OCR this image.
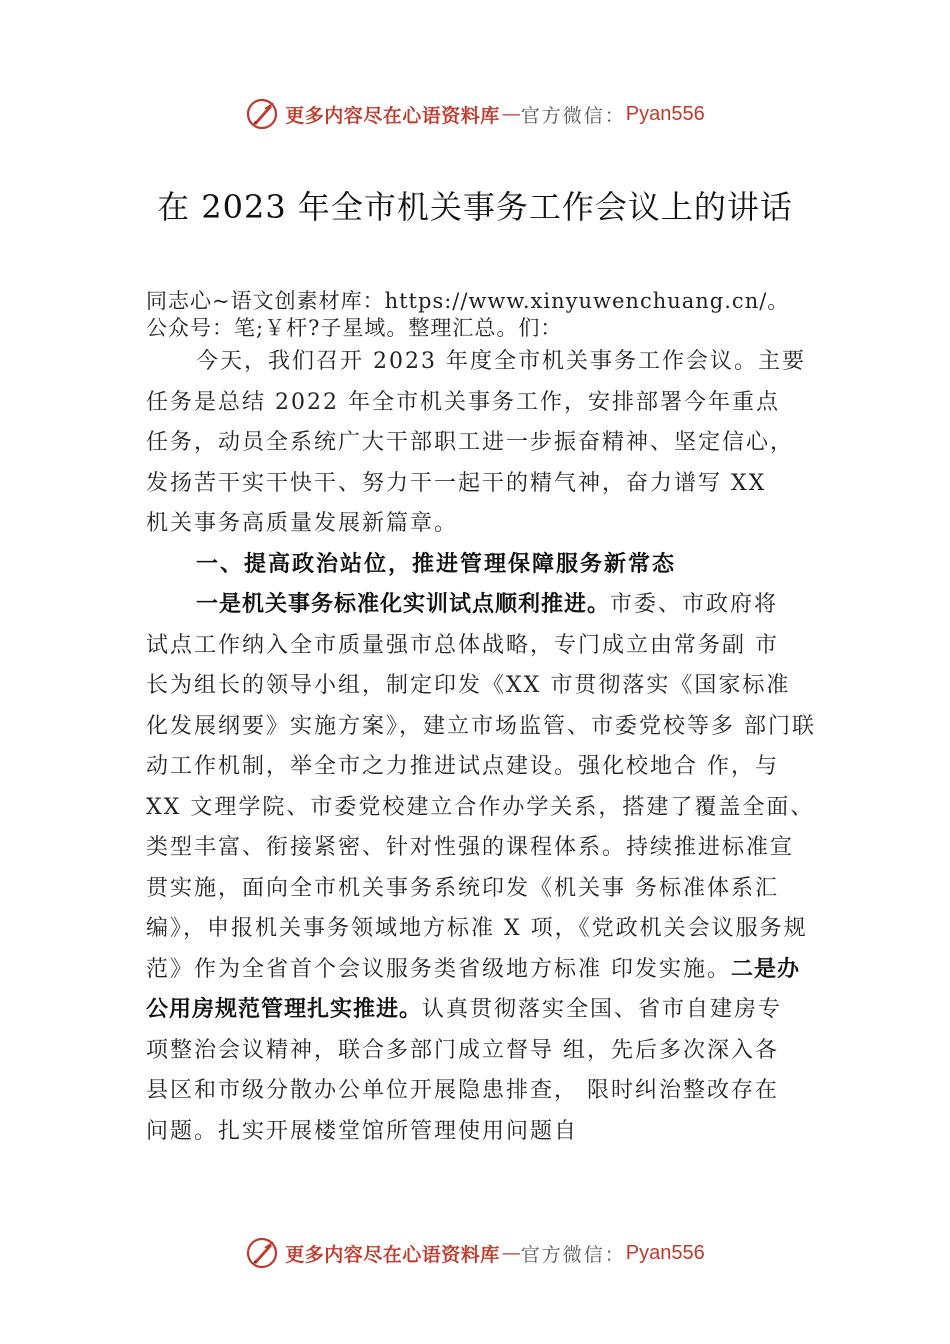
更多内容尽在心语资料库 — 官方微信： Pyan556
在 2023 年全市机关事务工作会议上的讲话
同志心~语文创素材库：https://www.xinyuwenchuang.cn/。
公众号：笔;￥杆?子星域。整理汇总。们：
今天，我们召开 2023 年度全市机关事务工作会议。主要
任务是总结 2022 年全市机关事务工作，安排部署今年重点
任务，动员全系统广大干部职工进一步振奋精神、坚定信心，
发扬苦干实干快干、努力干一起干的精气神，奋力谱写 XX
机关事务高质量发展新篇章。
一、提高政治站位，推进管理保障服务新常态
一是机关事务标准化实训试点顺利推进。市委、市政府将
试点工作纳入全市质量强市总体战略，专门成立由常务副 市
长为组长的领导小组，制定印发《XX 市贯彻落实《国家标准
化发展纲要》实施方案》，建立市场监管、市委党校等多 部门联
动工作机制，举全市之力推进试点建设。强化校地合 作，与
XX 文理学院、市委党校建立合作办学关系，搭建了覆盖全面、
类型丰富、衔接紧密、针对性强的课程体系。持续推进标准宣
贯实施，面向全市机关事务系统印发《机关事 务标准体系汇
编》，申报机关事务领域地方标准 X 项，《党政机关会议服务规
范》作为全省首个会议服务类省级地方标准 印发实施。二是办
公用房规范管理扎实推进。认真贯彻落实全国、省市自建房专
项整治会议精神，联合多部门成立督导 组，先后多次深入各
县区和市级分散办公单位开展隐患排查， 限时纠治整改存在
问题。扎实开展楼堂馆所管理使用问题自
更多内容尽在心语资料库 — 官方微信： Pyan556
